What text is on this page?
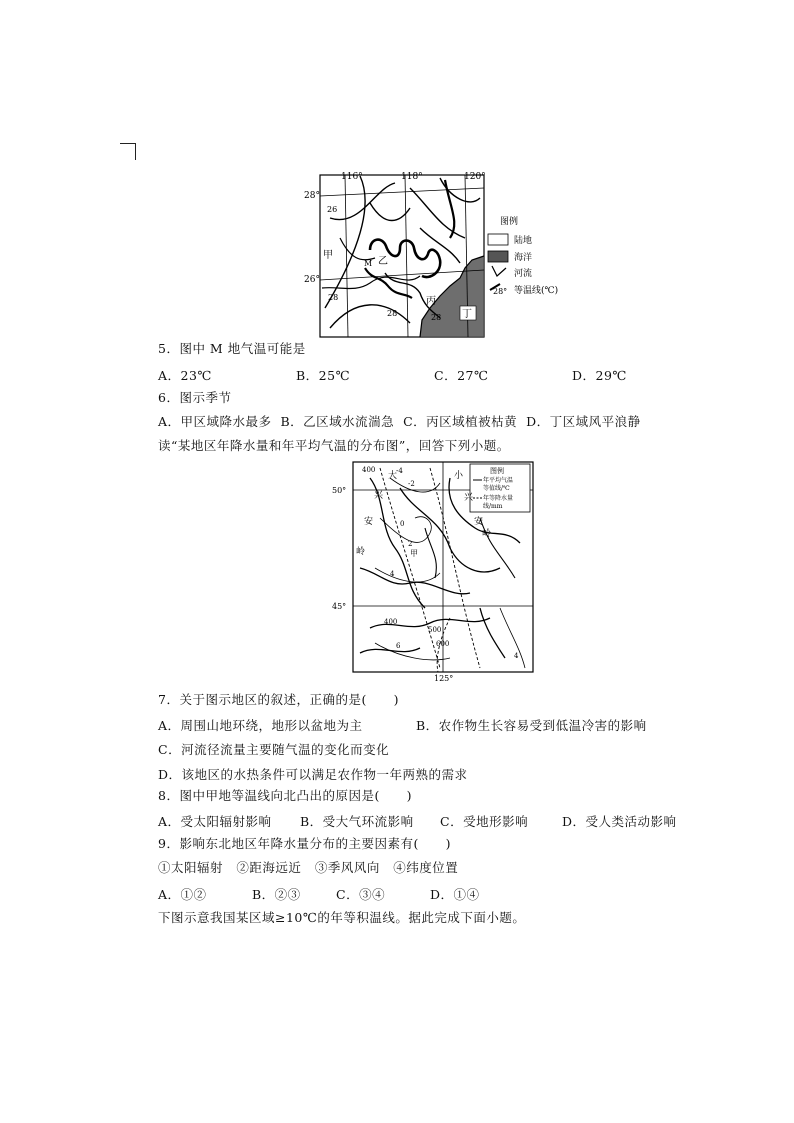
116°	118°	120°
28°
26°
26
28
28	28
甲
乙
M
丙
丁
图例
陆地
海洋
河流
28° 等温线(℃)
5．图中 M 地气温可能是
A．23℃	B．25℃	C．27℃	D．29℃
6．图示季节
A．甲区域降水最多  B．乙区域水流湍急  C．丙区域植被枯黄  D．丁区域风平浪静
读“某地区年降水量和年平均气温的分布图”，回答下列小题。
图例
年平均气温
等值线/℃
年等降水量
线/mm
50°
45°
125°
400	-4
-2
0
2
4
400
500
600
6
4
大
兴
安
岭
小
兴
安
岭
甲
7．关于图示地区的叙述，正确的是(      )
A．周围山地环绕，地形以盆地为主	B．农作物生长容易受到低温冷害的影响
C．河流径流量主要随气温的变化而变化
D．该地区的水热条件可以满足农作物一年两熟的需求
8．图中甲地等温线向北凸出的原因是(      )
A．受太阳辐射影响 B．受大气环流影响 C．受地形影响	D．受人类活动影响
9．影响东北地区年降水量分布的主要因素有(      )
①太阳辐射   ②距海远近   ③季风风向   ④纬度位置
A．①②	B．②③	C．③④	D．①④
下图示意我国某区域≥10℃的年等积温线。据此完成下面小题。
